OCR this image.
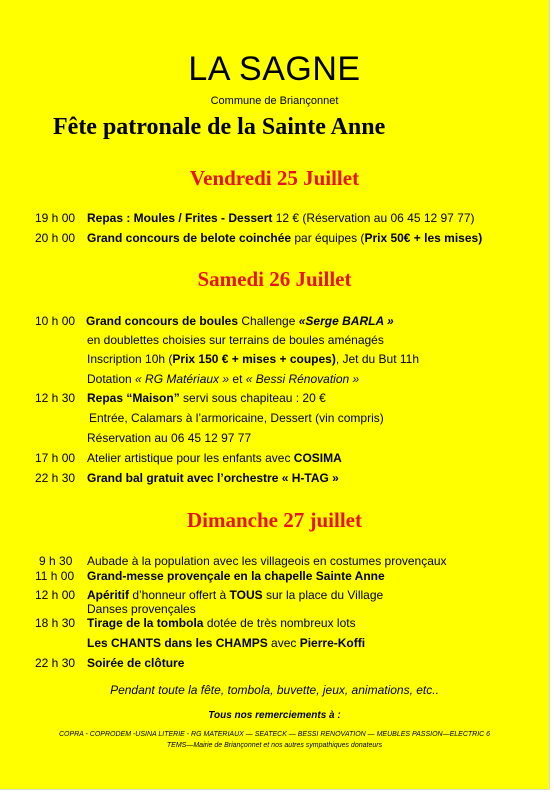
LA SAGNE
Commune de Briançonnet
Fête patronale de la Sainte Anne
Vendredi 25 Juillet
19 h 00 Repas : Moules / Frites - Dessert 12 € (Réservation au 06 45 12 97 77)
20 h 00 Grand concours de belote coinchée par équipes (Prix 50€ + les mises)
Samedi 26 Juillet
10 h 00 Grand concours de boules Challenge «Serge BARLA »
en doublettes choisies sur terrains de boules aménagés
Inscription 10h (Prix 150 € + mises + coupes), Jet du But 11h
Dotation « RG Matériaux » et « Bessi Rénovation »
12 h 30 Repas “Maison” servi sous chapiteau : 20 €
Entrée, Calamars à l’armoricaine, Dessert (vin compris)
Réservation au 06 45 12 97 77
17 h 00 Atelier artistique pour les enfants avec COSIMA
22 h 30 Grand bal gratuit avec l’orchestre « H-TAG »
Dimanche 27 juillet
9 h 30 Aubade à la population avec les villageois en costumes provençaux
11 h 00 Grand-messe provençale en la chapelle Sainte Anne
12 h 00 Apéritif d’honneur offert à TOUS sur la place du Village
Danses provençales
18 h 30 Tirage de la tombola dotée de très nombreux lots
Les CHANTS dans les CHAMPS avec Pierre-Koffi
22 h 30 Soirée de clôture
Pendant toute la fête, tombola, buvette, jeux, animations, etc..
Tous nos remerciements à :
COPRA - COPRODEM -USINA LITERIE - RG MATERIAUX — SEATECK — BESSI RENOVATION — MEUBLES PASSION—ELECTRIC 6
TEMS—Mairie de Briançonnet et nos autres sympathiques donateurs
